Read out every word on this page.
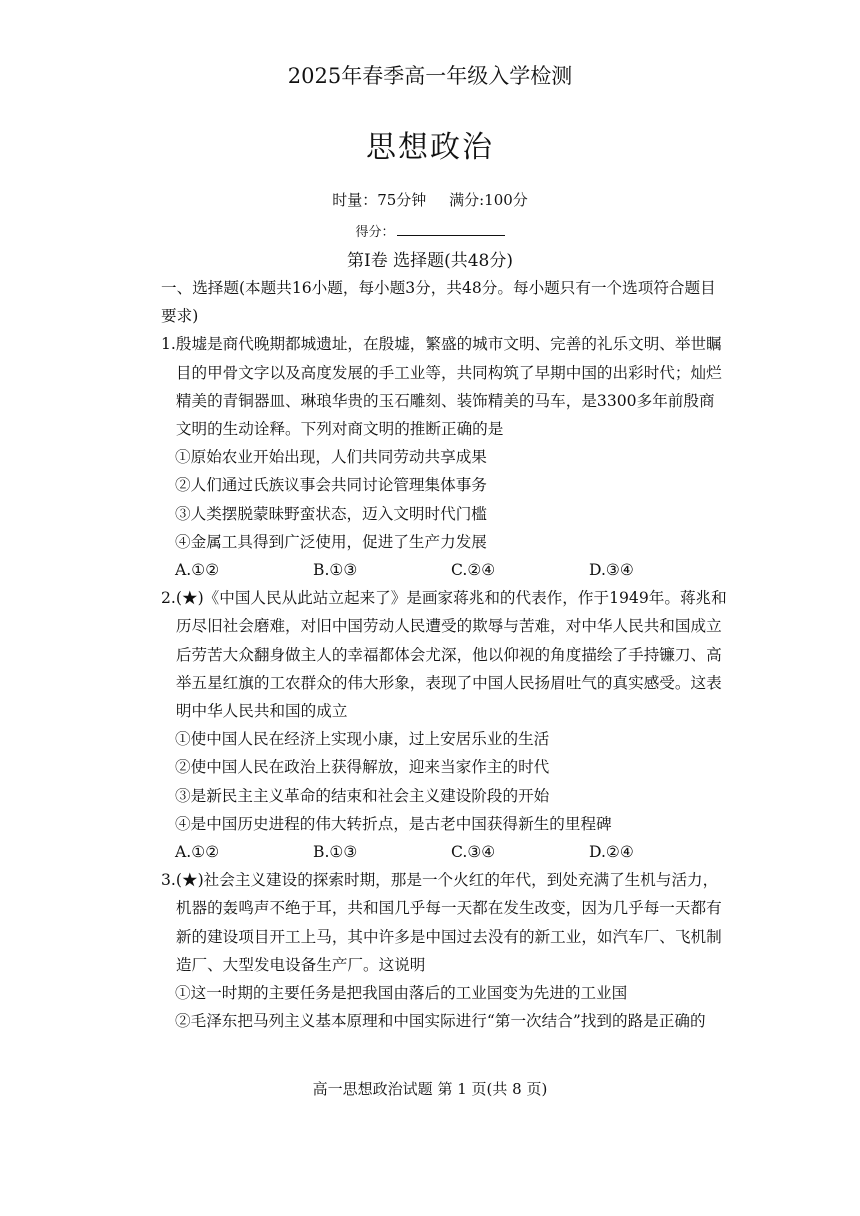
2025年春季高一年级入学检测
思想政治
时量：75分钟 满分:100分
得分：
第Ⅰ卷 选择题(共48分)

一、选择题(本题共16小题，每小题3分，共48分。每小题只有一个选项符合题目要求)

1. 殷墟是商代晚期都城遗址，在殷墟，繁盛的城市文明、完善的礼乐文明、举世瞩目的甲骨文字以及高度发展的手工业等，共同构筑了早期中国的出彩时代；灿烂精美的青铜器皿、琳琅华贵的玉石雕刻、装饰精美的马车，是3300多年前殷商文明的生动诠释。下列对商文明的推断正确的是

①原始农业开始出现，人们共同劳动共享成果

②人们通过氏族议事会共同讨论管理集体事务

③人类摆脱蒙昧野蛮状态，迈入文明时代门槛

④金属工具得到广泛使用，促进了生产力发展

A.①②	B.①③	C.②④	D.③④
2. (★)《中国人民从此站立起来了》是画家蒋兆和的代表作，作于1949年。蒋兆和历尽旧社会磨难，对旧中国劳动人民遭受的欺辱与苦难，对中华人民共和国成立后劳苦大众翻身做主人的幸福都体会尤深，他以仰视的角度描绘了手持镰刀、高举五星红旗的工农群众的伟大形象，表现了中国人民扬眉吐气的真实感受。这表明中华人民共和国的成立

①使中国人民在经济上实现小康，过上安居乐业的生活

②使中国人民在政治上获得解放，迎来当家作主的时代

③是新民主主义革命的结束和社会主义建设阶段的开始

④是中国历史进程的伟大转折点，是古老中国获得新生的里程碑

A.①②	B.①③	C.③④	D.②④
3. (★)社会主义建设的探索时期，那是一个火红的年代，到处充满了生机与活力，机器的轰鸣声不绝于耳，共和国几乎每一天都在发生改变，因为几乎每一天都有新的建设项目开工上马，其中许多是中国过去没有的新工业，如汽车厂、飞机制造厂、大型发电设备生产厂。这说明

①这一时期的主要任务是把我国由落后的工业国变为先进的工业国

②毛泽东把马列主义基本原理和中国实际进行“第一次结合”找到的路是正确的

高一思想政治试题 第 1 页(共 8 页)
